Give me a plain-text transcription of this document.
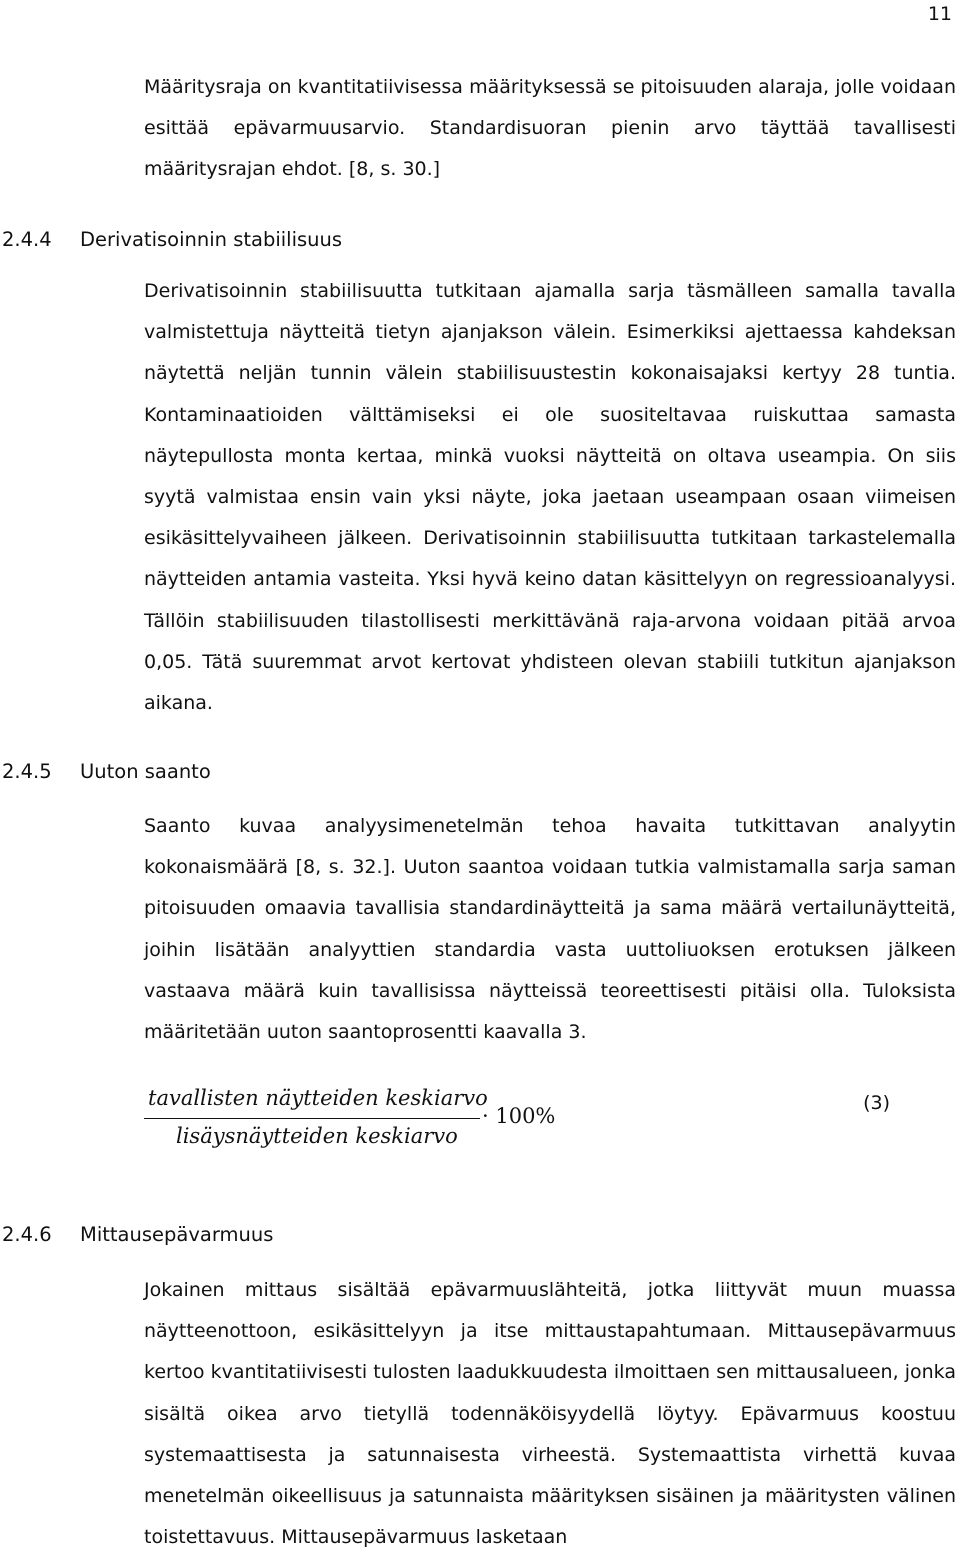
11

Määritysraja on kvantitatiivisessa määrityksessä se pitoisuuden alaraja, jolle voidaan esittää epävarmuusarvio. Standardisuoran pienin arvo täyttää tavallisesti määritysrajan ehdot. [8, s. 30.]

2.4.4 Derivatisoinnin stabiilisuus

Derivatisoinnin stabiilisuutta tutkitaan ajamalla sarja täsmälleen samalla tavalla valmistettuja näytteitä tietyn ajanjakson välein. Esimerkiksi ajettaessa kahdeksan näytettä neljän tunnin välein stabiilisuustestin kokonaisajaksi kertyy 28 tuntia. Kontaminaatioiden välttämiseksi ei ole suositeltavaa ruiskuttaa samasta näytepullosta monta kertaa, minkä vuoksi näytteitä on oltava useampia. On siis syytä valmistaa ensin vain yksi näyte, joka jaetaan useampaan osaan viimeisen esikäsittelyvaiheen jälkeen. Derivatisoinnin stabiilisuutta tutkitaan tarkastelemalla näytteiden antamia vasteita. Yksi hyvä keino datan käsittelyyn on regressioanalyysi. Tällöin stabiilisuuden tilastollisesti merkittävänä raja-arvona voidaan pitää arvoa 0,05. Tätä suuremmat arvot kertovat yhdisteen olevan stabiili tutkitun ajanjakson aikana.

2.4.5 Uuton saanto

Saanto kuvaa analyysimenetelmän tehoa havaita tutkittavan analyytin kokonaismäärä [8, s. 32.]. Uuton saantoa voidaan tutkia valmistamalla sarja saman pitoisuuden omaavia tavallisia standardinäytteitä ja sama määrä vertailunäytteitä, joihin lisätään analyyttien standardia vasta uuttoliuoksen erotuksen jälkeen vastaava määrä kuin tavallisissa näytteissä teoreettisesti pitäisi olla. Tuloksista määritetään uuton saantoprosentti kaavalla 3.

tavallisten näytteiden keskiarvo
lisäysnäytteiden keskiarvo
· 100%
(3)
2.4.6 Mittausepävarmuus

Jokainen mittaus sisältää epävarmuuslähteitä, jotka liittyvät muun muassa näytteenottoon, esikäsittelyyn ja itse mittaustapahtumaan. Mittausepävarmuus kertoo kvantitatiivisesti tulosten laadukkuudesta ilmoittaen sen mittausalueen, jonka sisältä oikea arvo tietyllä todennäköisyydellä löytyy. Epävarmuus koostuu systemaattisesta ja satunnaisesta virheestä. Systemaattista virhettä kuvaa menetelmän oikeellisuus ja satunnaista määrityksen sisäinen ja määritysten välinen toistettavuus. Mittausepävarmuus lasketaan
